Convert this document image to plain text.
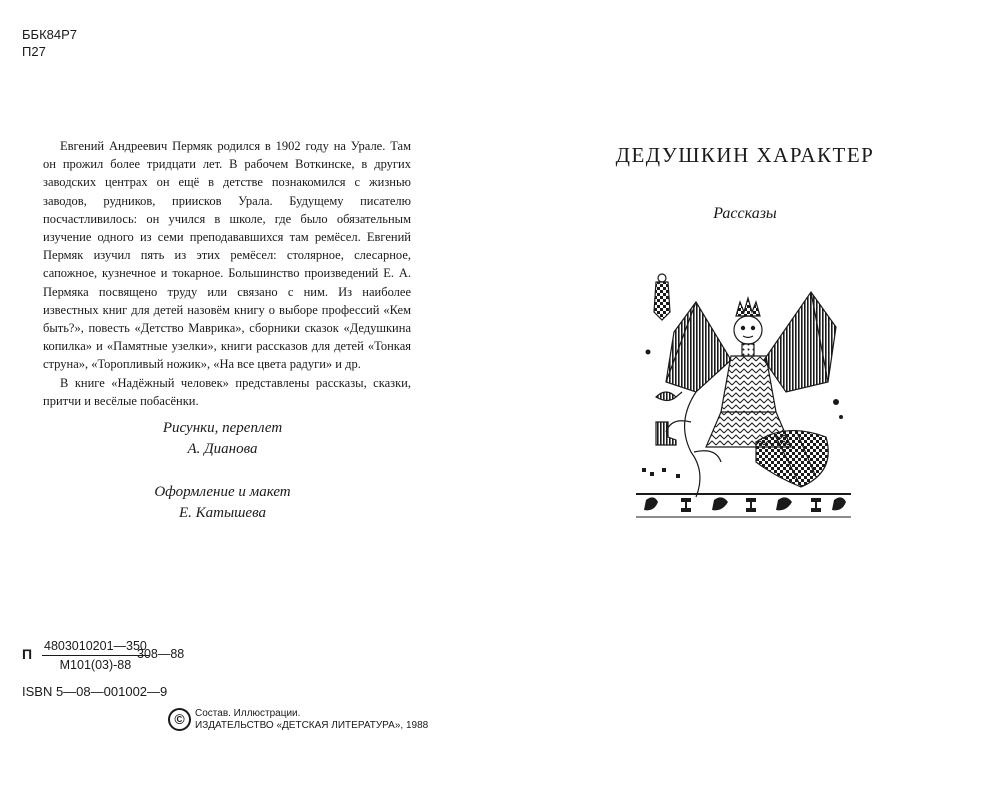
ББК84Р7
П27

Евгений Андреевич Пермяк родился в 1902 году на Урале. Там он прожил более тридцати лет. В рабочем Воткинске, в других заводских центрах он ещё в детстве познакомился с жизнью заводов, рудников, приисков Урала. Будущему писателю посчастливилось: он учился в школе, где было обязательным изучение одного из семи преподававшихся там ремёсел. Евгений Пермяк изучил пять из этих ремёсел: столярное, слесарное, сапожное, кузнечное и токарное. Большинство произведений Е. А. Пермяка посвящено труду или связано с ним. Из наиболее известных книг для детей назовём книгу о выборе профессий «Кем быть?», повесть «Детство Маврика», сборники сказок «Дедушкина копилка» и «Памятные узелки», книги рассказов для детей «Тонкая струна», «Торопливый ножик», «На все цвета радуги» и др.

В книге «Надёжный человек» представлены рассказы, сказки, притчи и весёлые побасёнки.

Рисунки, переплет
А. Дианова
Оформление и макет
Е. Катышева
П 4803010201—350
М101(03)-88
308—88
ISBN 5—08—001002—9
©	Состав. Иллюстрации.
ИЗДАТЕЛЬСТВО «ДЕТСКАЯ ЛИТЕРАТУРА», 1988
ДЕДУШКИН ХАРАКТЕР
Рассказы
